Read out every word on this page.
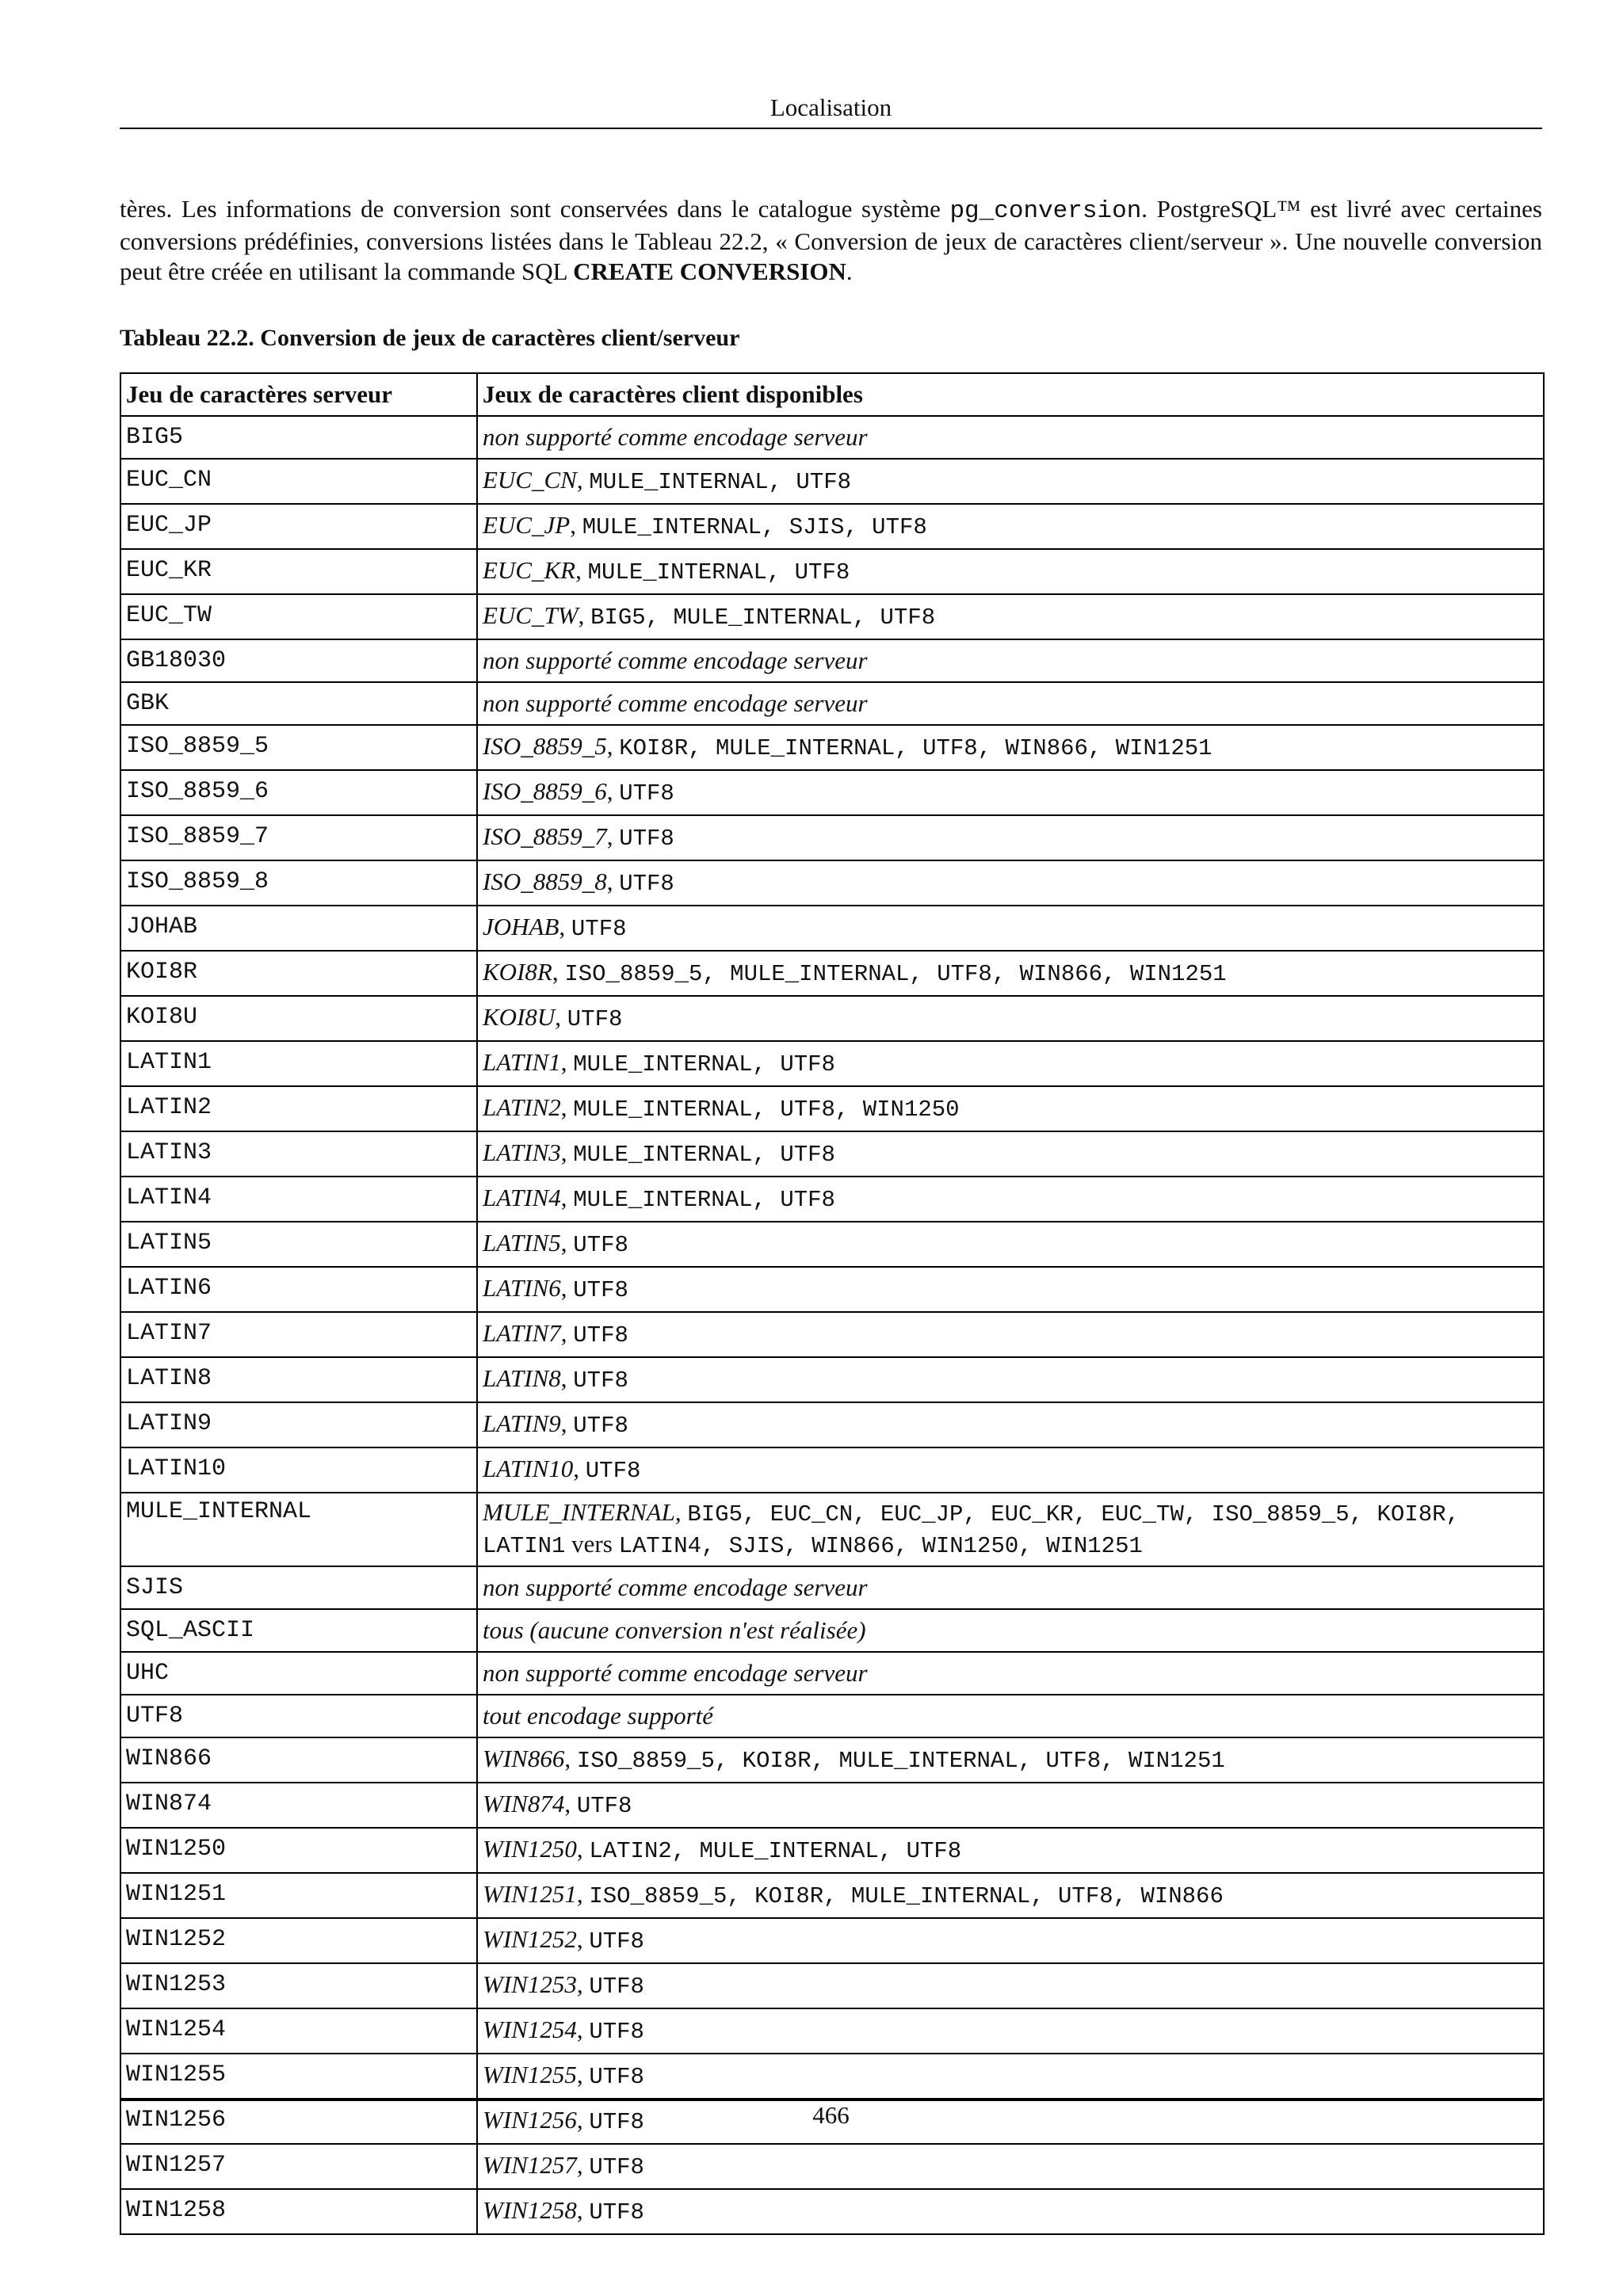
Localisation

tères. Les informations de conversion sont conservées dans le catalogue système pg_conversion. PostgreSQL™ est livré avec certaines conversions prédéfinies, conversions listées dans le Tableau 22.2, « Conversion de jeux de caractères client/serveur ». Une nouvelle conversion peut être créée en utilisant la commande SQL CREATE CONVERSION.

Tableau 22.2. Conversion de jeux de caractères client/serveur

Jeu de caractères serveur	Jeux de caractères client disponibles
BIG5	non supporté comme encodage serveur
EUC_CN	EUC_CN, MULE_INTERNAL, UTF8
EUC_JP	EUC_JP, MULE_INTERNAL, SJIS, UTF8
EUC_KR	EUC_KR, MULE_INTERNAL, UTF8
EUC_TW	EUC_TW, BIG5, MULE_INTERNAL, UTF8
GB18030	non supporté comme encodage serveur
GBK	non supporté comme encodage serveur
ISO_8859_5	ISO_8859_5, KOI8R, MULE_INTERNAL, UTF8, WIN866, WIN1251
ISO_8859_6	ISO_8859_6, UTF8
ISO_8859_7	ISO_8859_7, UTF8
ISO_8859_8	ISO_8859_8, UTF8
JOHAB	JOHAB, UTF8
KOI8R	KOI8R, ISO_8859_5, MULE_INTERNAL, UTF8, WIN866, WIN1251
KOI8U	KOI8U, UTF8
LATIN1	LATIN1, MULE_INTERNAL, UTF8
LATIN2	LATIN2, MULE_INTERNAL, UTF8, WIN1250
LATIN3	LATIN3, MULE_INTERNAL, UTF8
LATIN4	LATIN4, MULE_INTERNAL, UTF8
LATIN5	LATIN5, UTF8
LATIN6	LATIN6, UTF8
LATIN7	LATIN7, UTF8
LATIN8	LATIN8, UTF8
LATIN9	LATIN9, UTF8
LATIN10	LATIN10, UTF8
MULE_INTERNAL	MULE_INTERNAL, BIG5, EUC_CN, EUC_JP, EUC_KR, EUC_TW, ISO_8859_5, KOI8R,
LATIN1 vers LATIN4, SJIS, WIN866, WIN1250, WIN1251
SJIS	non supporté comme encodage serveur
SQL_ASCII	tous (aucune conversion n'est réalisée)
UHC	non supporté comme encodage serveur
UTF8	tout encodage supporté
WIN866	WIN866, ISO_8859_5, KOI8R, MULE_INTERNAL, UTF8, WIN1251
WIN874	WIN874, UTF8
WIN1250	WIN1250, LATIN2, MULE_INTERNAL, UTF8
WIN1251	WIN1251, ISO_8859_5, KOI8R, MULE_INTERNAL, UTF8, WIN866
WIN1252	WIN1252, UTF8
WIN1253	WIN1253, UTF8
WIN1254	WIN1254, UTF8
WIN1255	WIN1255, UTF8
WIN1256	WIN1256, UTF8
WIN1257	WIN1257, UTF8
WIN1258	WIN1258, UTF8
466
